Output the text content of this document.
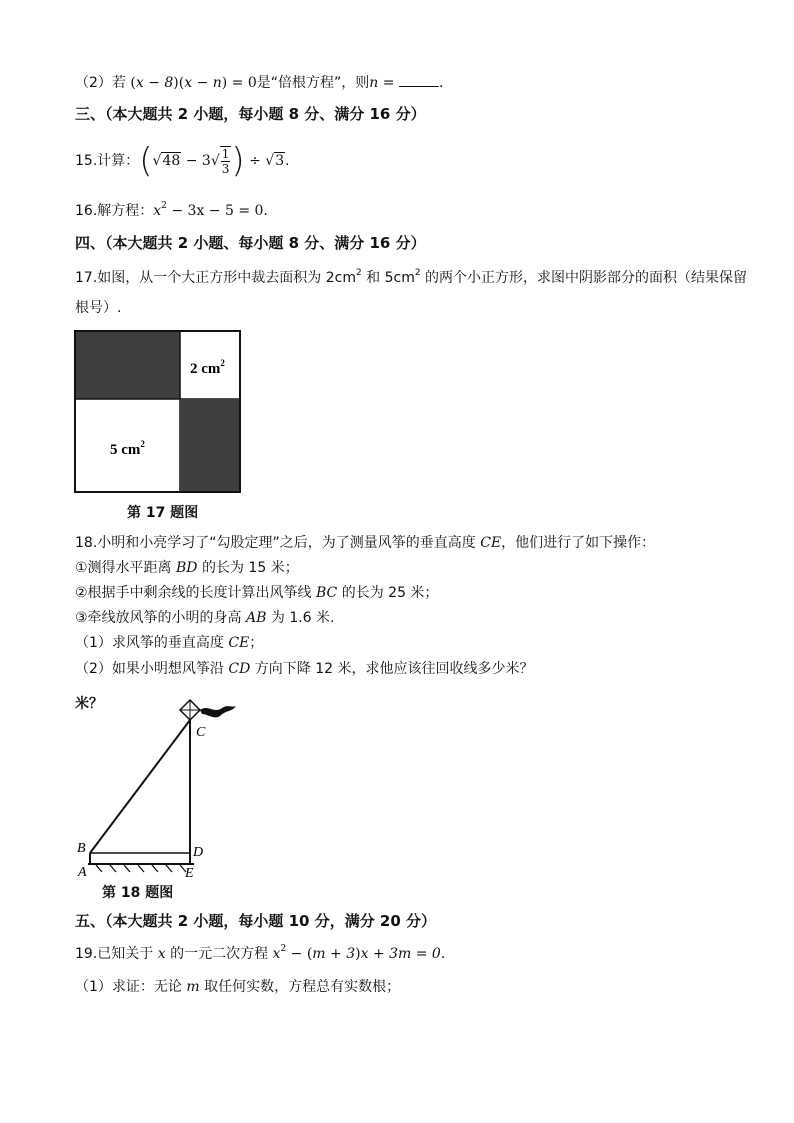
（2）若 (x − 8)(x − n) = 0是“倍根方程”，则n =	.
三、（本大题共 2 小题，每小题 8 分、满分 16 分）
15.计算：($√48 - 3√ \frac{1}{3}$ ) ÷ √3.
16.解方程：$x^2 - 3x - 5 = 0$.
四、（本大题共 2 小题、每小题 8 分、满分 16 分）
17.如图，从一个大正方形中裁去面积为 $2cm^2$ 和 $5cm^2$ 的两个小正方形，求图中阴影部分的面积（结果保留
根号）.
2 $cm^2$
5 $cm^2$
第 17 题图
18.小明和小亮学习了“勾股定理”之后，为了测量风筝的垂直高度 CE，他们进行了如下操作：
①测得水平距离 BD 的长为 15 米；
②根据手中剩余线的长度计算出风筝线 BC 的长为 25 米；
③牵线放风筝的小明的身高 AB 为 1.6 米.
（1）求风筝的垂直高度 CE；
（2）如果小明想风筝沿 CD 方向下降 12 米，求他应该往回收线多少米？
米？
C
B	D
A	E
第 18 题图
五、（本大题共 2 小题，每小题 10 分，满分 20 分）
19.已知关于 x 的一元二次方程 $x^2 - (m + 3)x + 3m = 0$.
（1）求证：无论 m 取任何实数，方程总有实数根；
